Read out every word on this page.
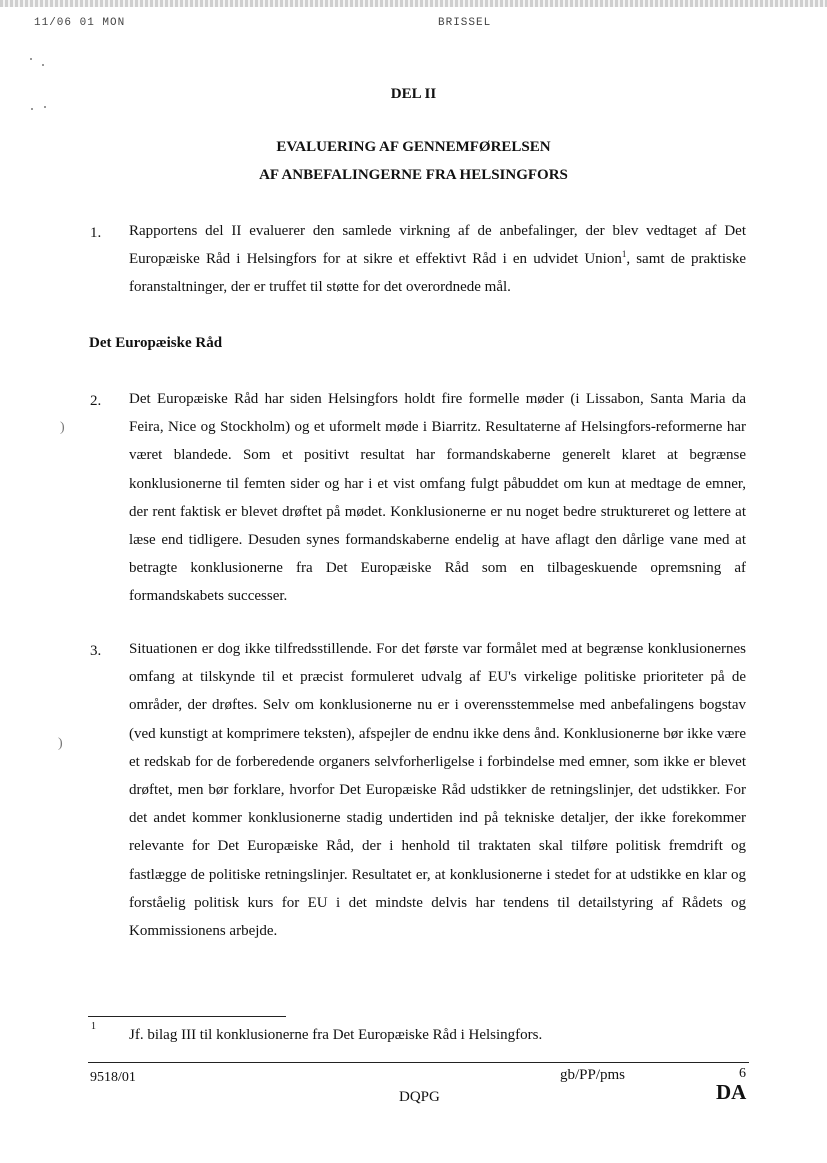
11/06 01 MON	BRISSEL
)
)
DEL II
EVALUERING AF GENNEMFØRELSEN
AF ANBEFALINGERNE FRA HELSINGFORS
1. Rapportens del II evaluerer den samlede virkning af de anbefalinger, der blev vedtaget af Det Europæiske Råd i Helsingfors for at sikre et effektivt Råd i en udvidet Union$^1$, samt de praktiske foranstaltninger, der er truffet til støtte for det overordnede mål.

Det Europæiske Råd
2. Det Europæiske Råd har siden Helsingfors holdt fire formelle møder (i Lissabon, Santa Maria da Feira, Nice og Stockholm) og et uformelt møde i Biarritz. Resultaterne af Helsingfors-reformerne har været blandede. Som et positivt resultat har formandskaberne generelt klaret at begrænse konklusionerne til femten sider og har i et vist omfang fulgt påbuddet om kun at medtage de emner, der rent faktisk er blevet drøftet på mødet. Konklusionerne er nu noget bedre struktureret og lettere at læse end tidligere. Desuden synes formandskaberne endelig at have aflagt den dårlige vane med at betragte konklusionerne fra Det Europæiske Råd som en tilbageskuende opremsning af formandskabets successer.

3. Situationen er dog ikke tilfredsstillende. For det første var formålet med at begrænse konklusionernes omfang at tilskynde til et præcist formuleret udvalg af EU's virkelige politiske prioriteter på de områder, der drøftes. Selv om konklusionerne nu er i overensstemmelse med anbefalingens bogstav (ved kunstigt at komprimere teksten), afspejler de endnu ikke dens ånd. Konklusionerne bør ikke være et redskab for de forberedende organers selvforherligelse i forbindelse med emner, som ikke er blevet drøftet, men bør forklare, hvorfor Det Europæiske Råd udstikker de retningslinjer, det udstikker. For det andet kommer konklusionerne stadig undertiden ind på tekniske detaljer, der ikke forekommer relevante for Det Europæiske Råd, der i henhold til traktaten skal tilføre politisk fremdrift og fastlægge de politiske retningslinjer. Resultatet er, at konklusionerne i stedet for at udstikke en klar og forståelig politisk kurs for EU i det mindste delvis har tendens til detailstyring af Rådets og Kommissionens arbejde.

1
Jf. bilag III til konklusionerne fra Det Europæiske Råd i Helsingfors.
9518/01	gb/PP/pms	6
DQPG	DA
